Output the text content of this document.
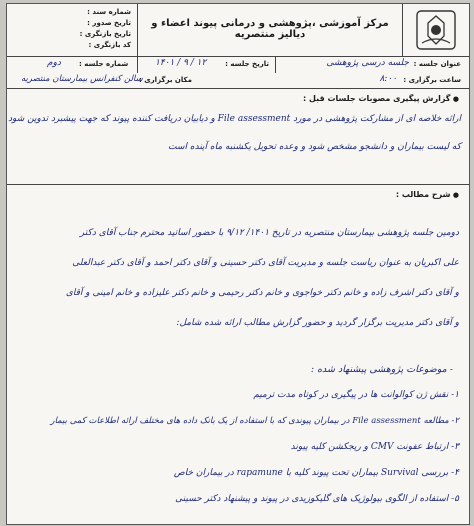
مرکز آموزشی ،پژوهشی و درمانی پیوند اعضاء و دیالیز منتصریه
شماره سند :
تاریخ صدور :
تاریخ بازنگری :
کد بازنگری :
عنوان جلسه :
جلسه درسی پژوهشی
تاریخ جلسه :
۱۴۰۱ / ۹ / ۱۲
شماره جلسه :
دوم
ساعت برگزاری :
۸:۰۰
مکان برگزاری :
سالن کنفرانس بیمارستان منتصریه
● گزارش پیگیری مصوبات جلسات قبل :
ارائه خلاصه ای از مشارکت پژوهشی در مورد File assessment و دیابیان دریافت کننده پیوند که جهت پیشبرد تدوین شود
که لیست بیماران و دانشجو مشخص شود و وعده تحویل یکشنبه ماه آینده است
● شرح مطالب :
دومین جلسه پژوهشی بیمارستان منتصریه در تاریخ ۱۴۰۱/ ۹/۱۲ با حضور اساتید محترم جناب آقای دکتر
علی اکبریان به عنوان ریاست جلسه و مدیریت آقای دکتر حسینی و آقای دکتر احمد و آقای دکتر عبدالعلی
و آقای دکتر اشرف زاده و خانم دکتر خواجوی و خانم دکتر رحیمی و خانم دکتر علیزاده و خانم امینی و آقای
و آقای دکتر مدیریت برگزار گردید و حضور گزارش مطالب ارائه شده شامل:
- موضوعات پژوهشی پیشنهاد شده :
۱- نقش ژن کوالوانت ها در پیگیری در کوتاه مدت ترمیم
۲- مطالعه File assessment در بیماران پیوندی که با استفاده از یک بانک داده های مختلف ارائه اطلاعات کمی بیمار
۳- ارتباط عفونت CMV و ریجکشن کلیه پیوند
۴- بررسی Survival بیماران تحت پیوند کلیه با rapamune در بیماران خاص
۵- استفاده از الگوی بیولوژیک های گلیکوزیدی در پیوند و پیشنهاد دکتر حسینی
